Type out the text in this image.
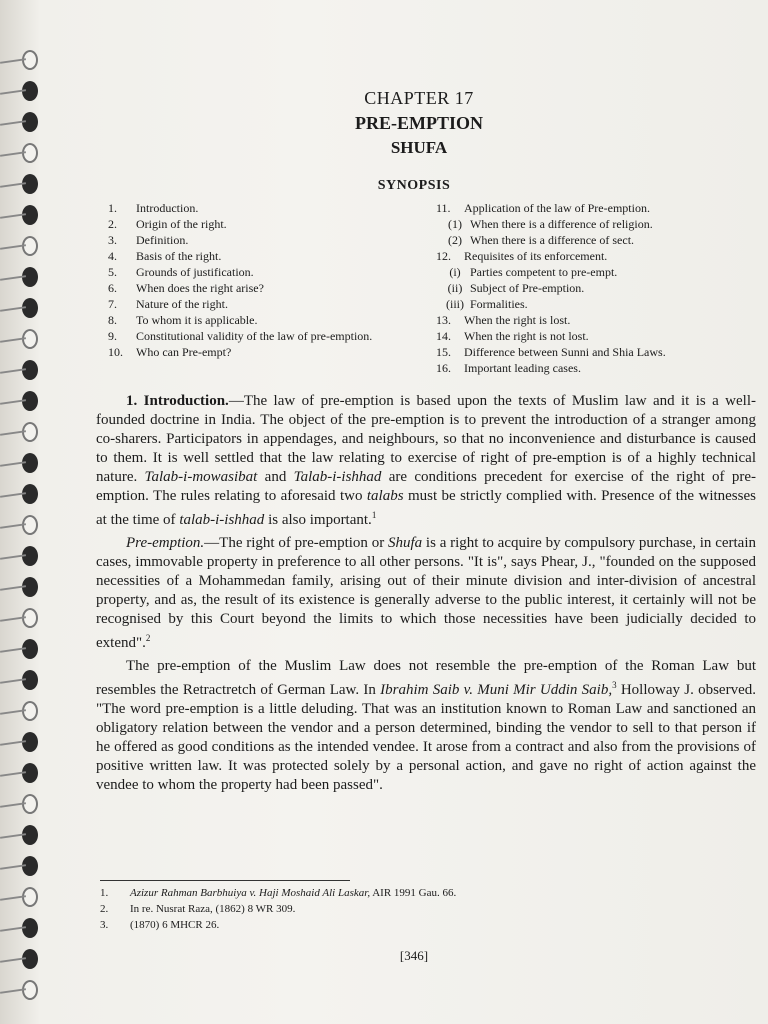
CHAPTER 17
PRE-EMPTION
SHUFA
SYNOPSIS
1.	Introduction.
2.	Origin of the right.
3.	Definition.
4.	Basis of the right.
5.	Grounds of justification.
6.	When does the right arise?
7.	Nature of the right.
8.	To whom it is applicable.
9.	Constitutional validity of the law of pre-emption.
10.	Who can Pre-empt?
11.	Application of the law of Pre-emption.
(1) When there is a difference of religion.
(2) When there is a difference of sect.
12.	Requisites of its enforcement.
(i) Parties competent to pre-empt.
(ii) Subject of Pre-emption.
(iii) Formalities.
13.	When the right is lost.
14.	When the right is not lost.
15.	Difference between Sunni and Shia Laws.
16.	Important leading cases.

1. Introduction.—The law of pre-emption is based upon the texts of Muslim law and it is a well-founded doctrine in India. The object of the pre-emption is to prevent the introduction of a stranger among co-sharers. Participators in appendages, and neighbours, so that no inconvenience and disturbance is caused to them. It is well settled that the law relating to exercise of right of pre-emption is of a highly technical nature. Talab-i-mowasibat and Talab-i-ishhad are conditions precedent for exercise of the right of pre-emption. The rules relating to aforesaid two talabs must be strictly complied with. Presence of the witnesses at the time of talab-i-ishhad is also important.$^1$

Pre-emption.—The right of pre-emption or Shufa is a right to acquire by compulsory purchase, in certain cases, immovable property in preference to all other persons. "It is", says Phear, J., "founded on the supposed necessities of a Mohammedan family, arising out of their minute division and inter-division of ancestral property, and as, the result of its existence is generally adverse to the public interest, it certainly will not be recognised by this Court beyond the limits to which those necessities have been judicially decided to extend".$^2$

The pre-emption of the Muslim Law does not resemble the pre-emption of the Roman Law but resembles the Retractretch of German Law. In Ibrahim Saib v. Muni Mir Uddin Saib,$^3$ Holloway J. observed. "The word pre-emption is a little deluding. That was an institution known to Roman Law and sanctioned an obligatory relation between the vendor and a person determined, binding the vendor to sell to that person if he offered as good conditions as the intended vendee. It arose from a contract and also from the provisions of positive written law. It was protected solely by a personal action, and gave no right of action against the vendee to whom the property had been passed".

1.	Azizur Rahman Barbhuiya v. Haji Moshaid Ali Laskar, AIR 1991 Gau. 66.
2.	In re. Nusrat Raza, (1862) 8 WR 309.
3.	(1870) 6 MHCR 26.
[346]
